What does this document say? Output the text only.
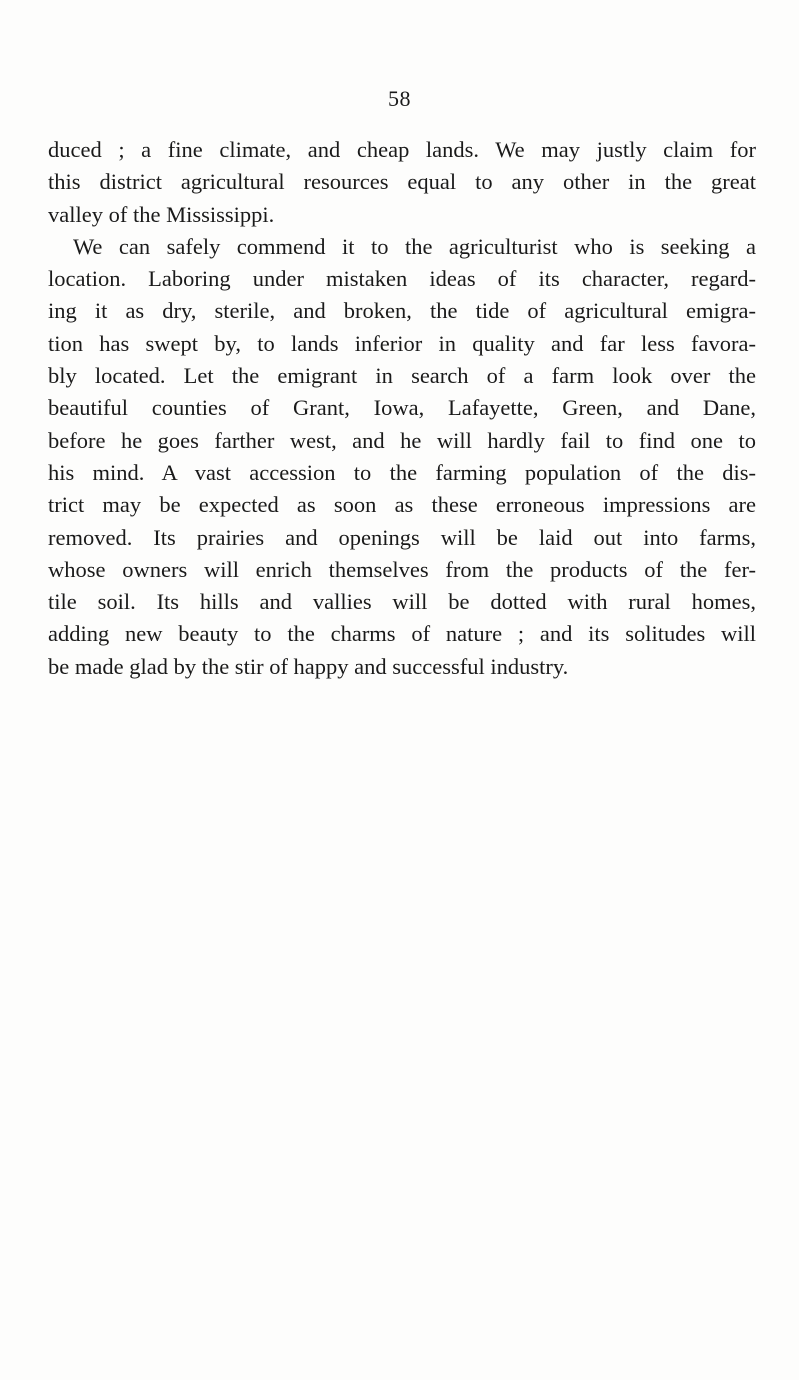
58
duced ; a fine climate, and cheap lands. We may justly claim for
this district agricultural resources equal to any other in the great
valley of the Mississippi.
We can safely commend it to the agriculturist who is seeking a
location. Laboring under mistaken ideas of its character, regard-
ing it as dry, sterile, and broken, the tide of agricultural emigra-
tion has swept by, to lands inferior in quality and far less favora-
bly located. Let the emigrant in search of a farm look over the
beautiful counties of Grant, Iowa, Lafayette, Green, and Dane,
before he goes farther west, and he will hardly fail to find one to
his mind. A vast accession to the farming population of the dis-
trict may be expected as soon as these erroneous impressions are
removed. Its prairies and openings will be laid out into farms,
whose owners will enrich themselves from the products of the fer-
tile soil. Its hills and vallies will be dotted with rural homes,
adding new beauty to the charms of nature ; and its solitudes will
be made glad by the stir of happy and successful industry.
